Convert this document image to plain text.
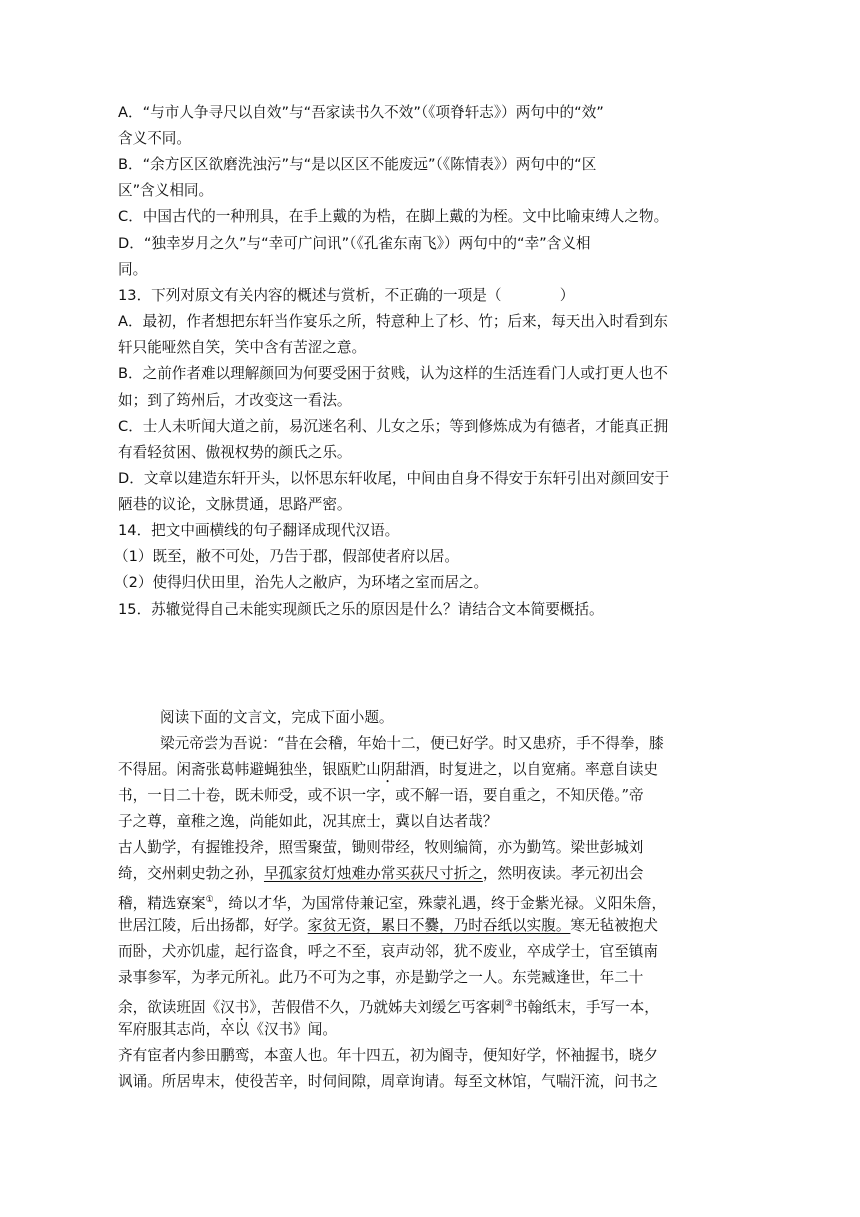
A．“与市人争寻尺以自效”与“吾家读书久不效”（《项脊轩志》）两句中的“效”
含义不同。
B．“余方区区欲磨洗浊污”与“是以区区不能废远”（《陈情表》）两句中的“区
区”含义相同。
C．中国古代的一种刑具，在手上戴的为梏，在脚上戴的为桎。文中比喻束缚人之物。
D．“独幸岁月之久”与“幸可广问讯”（《孔雀东南飞》）两句中的“幸”含义相
同。
13．下列对原文有关内容的概述与赏析，不正确的一项是（　　　　）
A．最初，作者想把东轩当作宴乐之所，特意种上了杉、竹；后来，每天出入时看到东
轩只能哑然自笑，笑中含有苦涩之意。
B．之前作者难以理解颜回为何要受困于贫贱，认为这样的生活连看门人或打更人也不
如；到了筠州后，才改变这一看法。
C．士人未听闻大道之前，易沉迷名利、儿女之乐；等到修炼成为有德者，才能真正拥
有看轻贫困、傲视权势的颜氏之乐。
D．文章以建造东轩开头，以怀思东轩收尾，中间由自身不得安于东轩引出对颜回安于
陋巷的议论，文脉贯通，思路严密。
14．把文中画横线的句子翻译成现代汉语。
（1）既至，敝不可处，乃告于郡，假部使者府以居。
（2）使得归伏田里，治先人之敝庐，为环堵之室而居之。
15．苏辙觉得自己未能实现颜氏之乐的原因是什么？请结合文本简要概括。
阅读下面的文言文，完成下面小题。
梁元帝尝为吾说：“昔在会稽，年始十二，便已好学。时又患疥，手不得拳，膝
不得屈。闲斋张葛帏避蝇独坐，银瓯贮山阴甜酒，时复进之，以自宽痛。率意自读史
书，一日二十卷，既未师受，或不识一字，或不解一语，要自重之，不知厌倦。”帝
子之尊，童稚之逸，尚能如此，况其庶士，冀以自达者哉？
古人勤学，有握锥投斧，照雪聚萤，锄则带经，牧则编简，亦为勤笃。梁世彭城刘
绮，交州刺史勃之孙，早孤家贫灯烛难办常买荻尺寸折之，然明夜读。孝元初出会
稽，精选寮案①，绮以才华，为国常侍兼记室，殊蒙礼遇，终于金紫光禄。义阳朱詹，
世居江陵，后出扬都，好学。家贫无资，累日不爨，乃时吞纸以实腹。寒无毡被抱犬
而卧，犬亦饥虚，起行盗食，呼之不至，哀声动邻，犹不废业，卒成学士，官至镇南
录事参军，为孝元所礼。此乃不可为之事，亦是勤学之一人。东莞臧逢世，年二十
余，欲读班固《汉书》，苦假借不久，乃就姊夫刘缓乞丐客刺②书翰纸末，手写一本，
军府服其志尚，卒以《汉书》闻。
齐有宦者内参田鹏鸾，本蛮人也。年十四五，初为阍寺，便知好学，怀袖握书，晓夕
讽诵。所居卑末，使役苦辛，时伺间隙，周章询请。每至文林馆，气喘汗流，问书之
